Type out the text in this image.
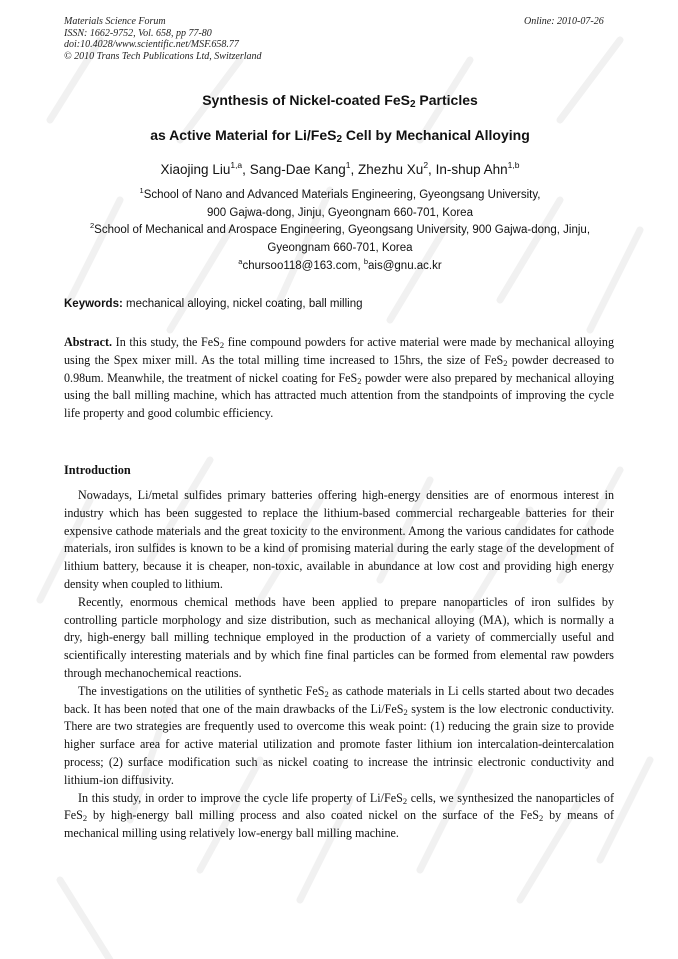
Materials Science Forum
ISSN: 1662-9752, Vol. 658, pp 77-80
doi:10.4028/www.scientific.net/MSF.658.77
© 2010 Trans Tech Publications Ltd, Switzerland
Online: 2010-07-26
Synthesis of Nickel-coated FeS$_2$ Particles
as Active Material for Li/FeS$_2$ Cell by Mechanical Alloying
Xiaojing Liu$^{1,a}$, Sang-Dae Kang$^1$, Zhezhu Xu$^2$, In-shup Ahn$^{1,b}$
$^1$School of Nano and Advanced Materials Engineering, Gyeongsang University,
900 Gajwa-dong, Jinju, Gyeongnam 660-701, Korea
$^2$School of Mechanical and Arospace Engineering, Gyeongsang University, 900 Gajwa-dong, Jinju,
Gyeongnam 660-701, Korea
$^a$chursoo118@163.com, $^b$ais@gnu.ac.kr
Keywords: mechanical alloying, nickel coating, ball milling
Abstract. In this study, the FeS$_2$ fine compound powders for active material were made by mechanical alloying using the Spex mixer mill. As the total milling time increased to 15hrs, the size of FeS$_2$ powder decreased to 0.98um. Meanwhile, the treatment of nickel coating for FeS$_2$ powder were also prepared by mechanical alloying using the ball milling machine, which has attracted much attention from the standpoints of improving the cycle life property and good columbic efficiency.
Introduction

Nowadays, Li/metal sulfides primary batteries offering high-energy densities are of enormous interest in industry which has been suggested to replace the lithium-based commercial rechargeable batteries for their expensive cathode materials and the great toxicity to the environment. Among the various candidates for cathode materials, iron sulfides is known to be a kind of promising material during the early stage of the development of lithium battery, because it is cheaper, non-toxic, available in abundance at low cost and providing high energy density when coupled to lithium.

Recently, enormous chemical methods have been applied to prepare nanoparticles of iron sulfides by controlling particle morphology and size distribution, such as mechanical alloying (MA), which is normally a dry, high-energy ball milling technique employed in the production of a variety of commercially useful and scientifically interesting materials and by which fine final particles can be formed from elemental raw powders through mechanochemical reactions.

The investigations on the utilities of synthetic FeS$_2$ as cathode materials in Li cells started about two decades back. It has been noted that one of the main drawbacks of the Li/FeS$_2$ system is the low electronic conductivity. There are two strategies are frequently used to overcome this weak point: (1) reducing the grain size to provide higher surface area for active material utilization and promote faster lithium ion intercalation-deintercalation process; (2) surface modification such as nickel coating to increase the intrinsic electronic conductivity and lithium-ion diffusivity.

In this study, in order to improve the cycle life property of Li/FeS$_2$ cells, we synthesized the nanoparticles of FeS$_2$ by high-energy ball milling process and also coated nickel on the surface of the FeS$_2$ by means of mechanical milling using relatively low-energy ball milling machine.
